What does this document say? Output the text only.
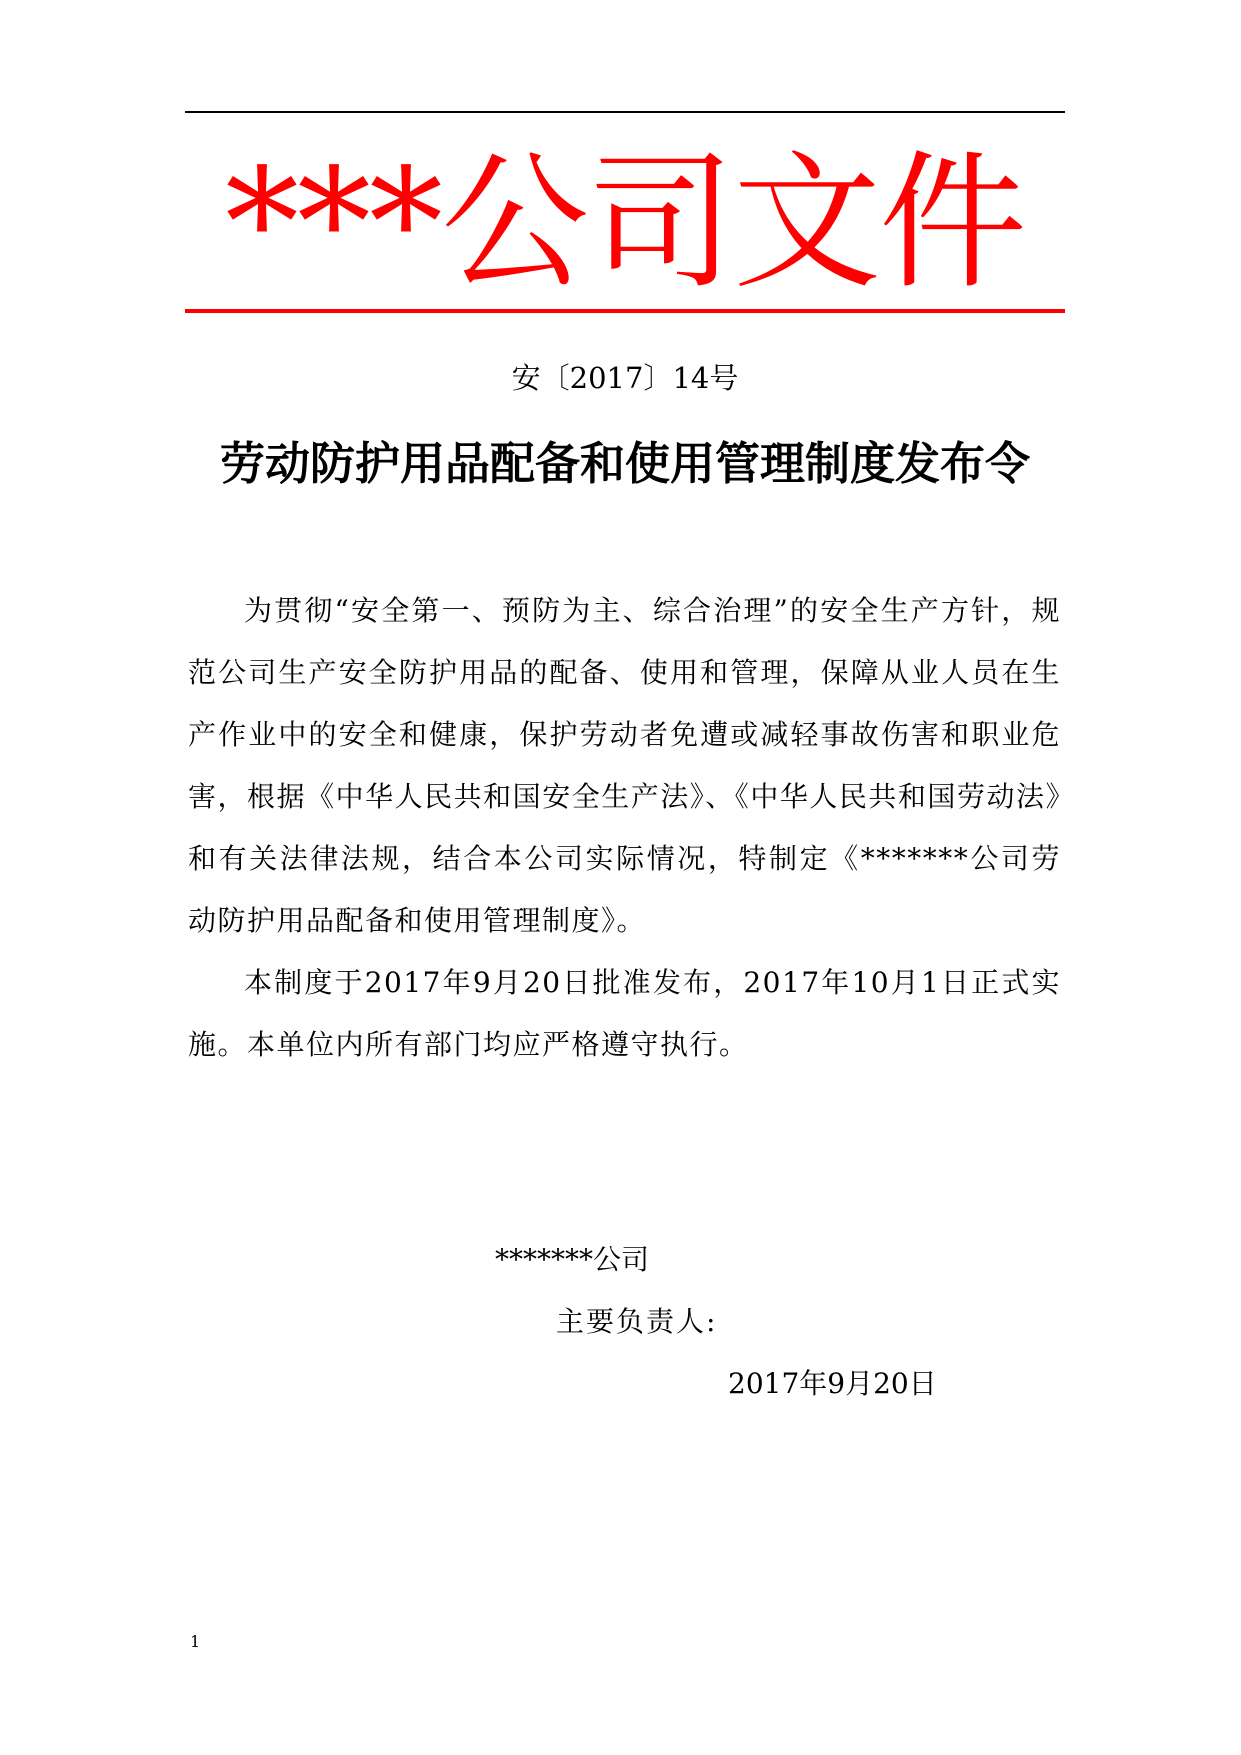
***公司文件
安〔2017〕14号
劳动防护用品配备和使用管理制度发布令

为贯彻“安全第一、预防为主、综合治理”的安全生产方针，规范公司生产安全防护用品的配备、使用和管理，保障从业人员在生产作业中的安全和健康，保护劳动者免遭或减轻事故伤害和职业危害，根据《中华人民共和国安全生产法》、《中华人民共和国劳动法》和有关法律法规，结合本公司实际情况，特制定《*******公司劳动防护用品配备和使用管理制度》。

本制度于2017年9月20日批准发布，2017年10月1日正式实施。本单位内所有部门均应严格遵守执行。

*******公司
主要负责人:
2017年9月20日
1
